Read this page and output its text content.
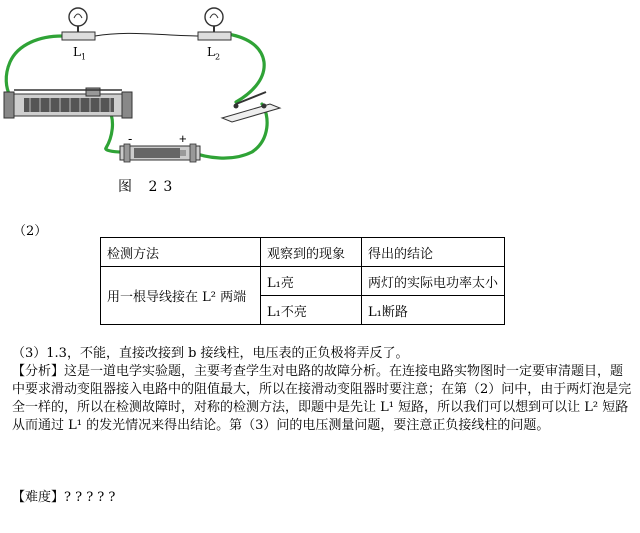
-	+
$L_1$	$L_2$
图 23
（2）
检测方法	观察到的现象	得出的结论
用一根导线接在 L² 两端	L₁亮	两灯的实际电功率太小
	L₁不亮	L₁断路
（3）1.3，不能，直接改接到 b 接线柱，电压表的正负极将弄反了。
【分析】这是一道电学实验题，主要考查学生对电路的故障分析。在连接电路实物图时一定要审清题目，题中要求滑动变阻器接入电路中的阻值最大，所以在接滑动变阻器时要注意；在第（2）问中，由于两灯泡是完全一样的，所以在检测故障时，对称的检测方法，即题中是先让 L¹ 短路，所以我们可以想到可以让 L² 短路从而通过 L¹ 的发光情况来得出结论。第（3）问的电压测量问题，要注意正负接线柱的问题。
【难度】? ? ? ? ?
